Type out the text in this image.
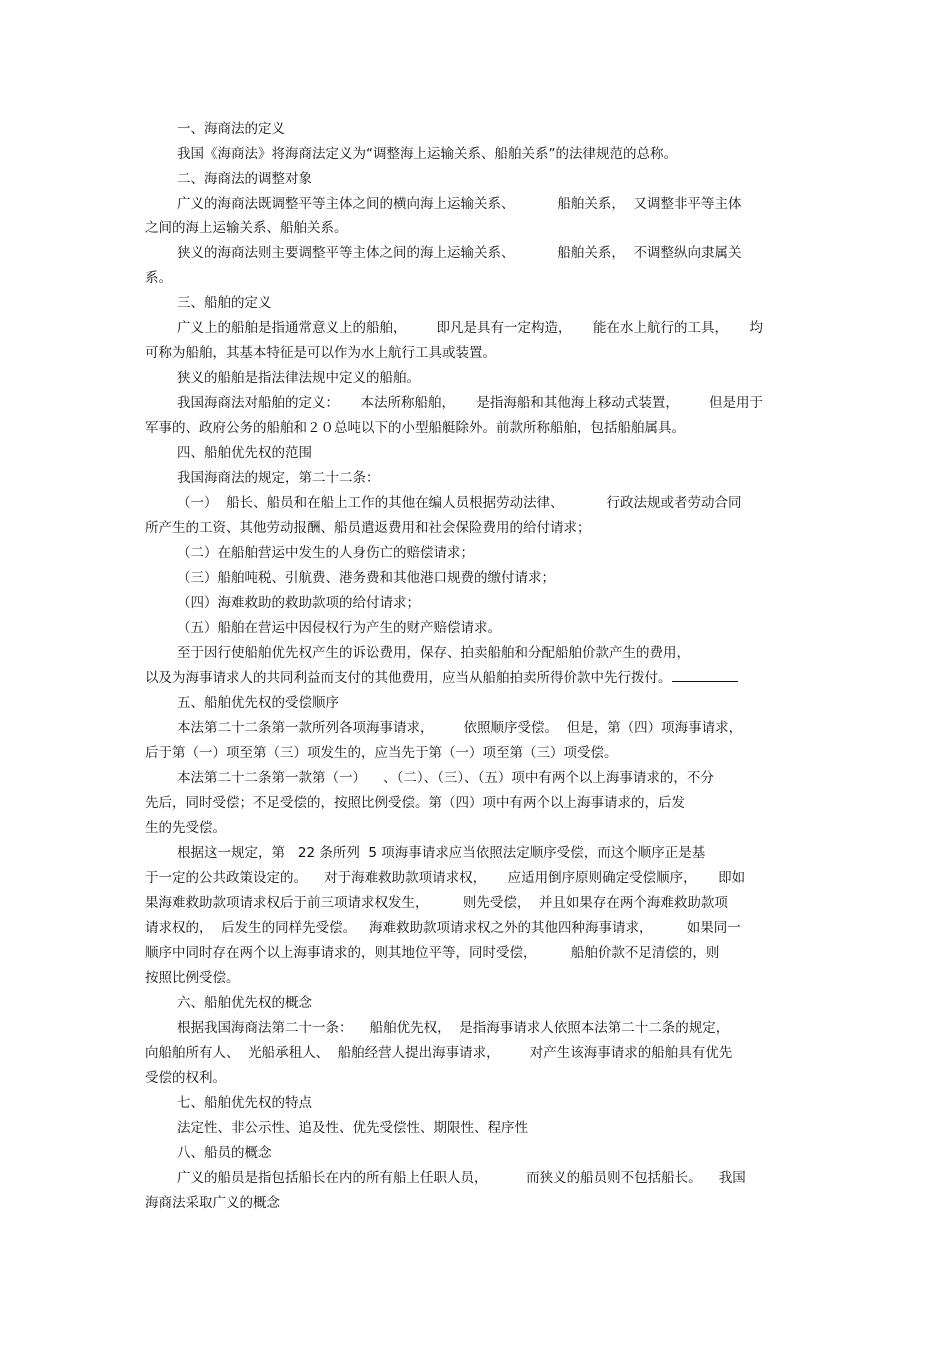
一、海商法的定义

我国《海商法》将海商法定义为“调整海上运输关系、船舶关系”的法律规范的总称。

二、海商法的调整对象

广义的海商法既调整平等主体之间的横向海上运输关系、          船舶关系，  又调整非平等主体

之间的海上运输关系、船舶关系。

狭义的海商法则主要调整平等主体之间的海上运输关系、          船舶关系，  不调整纵向隶属关

系。

三、船舶的定义

广义上的船舶是指通常意义上的船舶，       即凡是具有一定构造，     能在水上航行的工具，     均

可称为船舶，其基本特征是可以作为水上航行工具或装置。

狭义的船舶是指法律法规中定义的船舶。

我国海商法对船舶的定义：     本法所称船舶，     是指海船和其他海上移动式装置，       但是用于

军事的、政府公务的船舶和２０总吨以下的小型船艇除外。前款所称船舶，包括船舶属具。

四、船舶优先权的范围

我国海商法的规定，第二十二条：

（一）  船长、船员和在船上工作的其他在编人员根据劳动法律、          行政法规或者劳动合同

所产生的工资、其他劳动报酬、船员遣返费用和社会保险费用的给付请求；

（二）在船舶营运中发生的人身伤亡的赔偿请求；

（三）船舶吨税、引航费、港务费和其他港口规费的缴付请求；

（四）海难救助的救助款项的给付请求；

（五）船舶在营运中因侵权行为产生的财产赔偿请求。

至于因行使船舶优先权产生的诉讼费用，保存、拍卖船舶和分配船舶价款产生的费用，

以及为海事请求人的共同利益而支付的其他费用，应当从船舶拍卖所得价款中先行拨付。

五、船舶优先权的受偿顺序

本法第二十二条第一款所列各项海事请求，       依照顺序受偿。  但是，第（四）项海事请求，

后于第（一）项至第（三）项发生的，应当先于第（一）项至第（三）项受偿。

本法第二十二条第一款第（一）    、（二）、（三）、（五）项中有两个以上海事请求的，不分

先后，同时受偿；不足受偿的，按照比例受偿。第（四）项中有两个以上海事请求的，后发

生的先受偿。

根据这一规定，第   22 条所列  5 项海事请求应当依照法定顺序受偿，而这个顺序正是基

于一定的公共政策设定的。    对于海难救助款项请求权，     应适用倒序原则确定受偿顺序，     即如

果海难救助款项请求权后于前三项请求权发生，        则先受偿，  并且如果存在两个海难救助款项

请求权的，  后发生的同样先受偿。   海难救助款项请求权之外的其他四种海事请求，        如果同一

顺序中同时存在两个以上海事请求的，则其地位平等，同时受偿，        船舶价款不足清偿的，则

按照比例受偿。

六、船舶优先权的概念

根据我国海商法第二十一条：    船舶优先权，  是指海事请求人依照本法第二十二条的规定，

向船舶所有人、  光船承租人、  船舶经营人提出海事请求，       对产生该海事请求的船舶具有优先

受偿的权利。

七、船舶优先权的特点

法定性、非公示性、追及性、优先受偿性、期限性、程序性

八、船员的概念

广义的船员是指包括船长在内的所有船上任职人员，         而狭义的船员则不包括船长。    我国

海商法采取广义的概念
